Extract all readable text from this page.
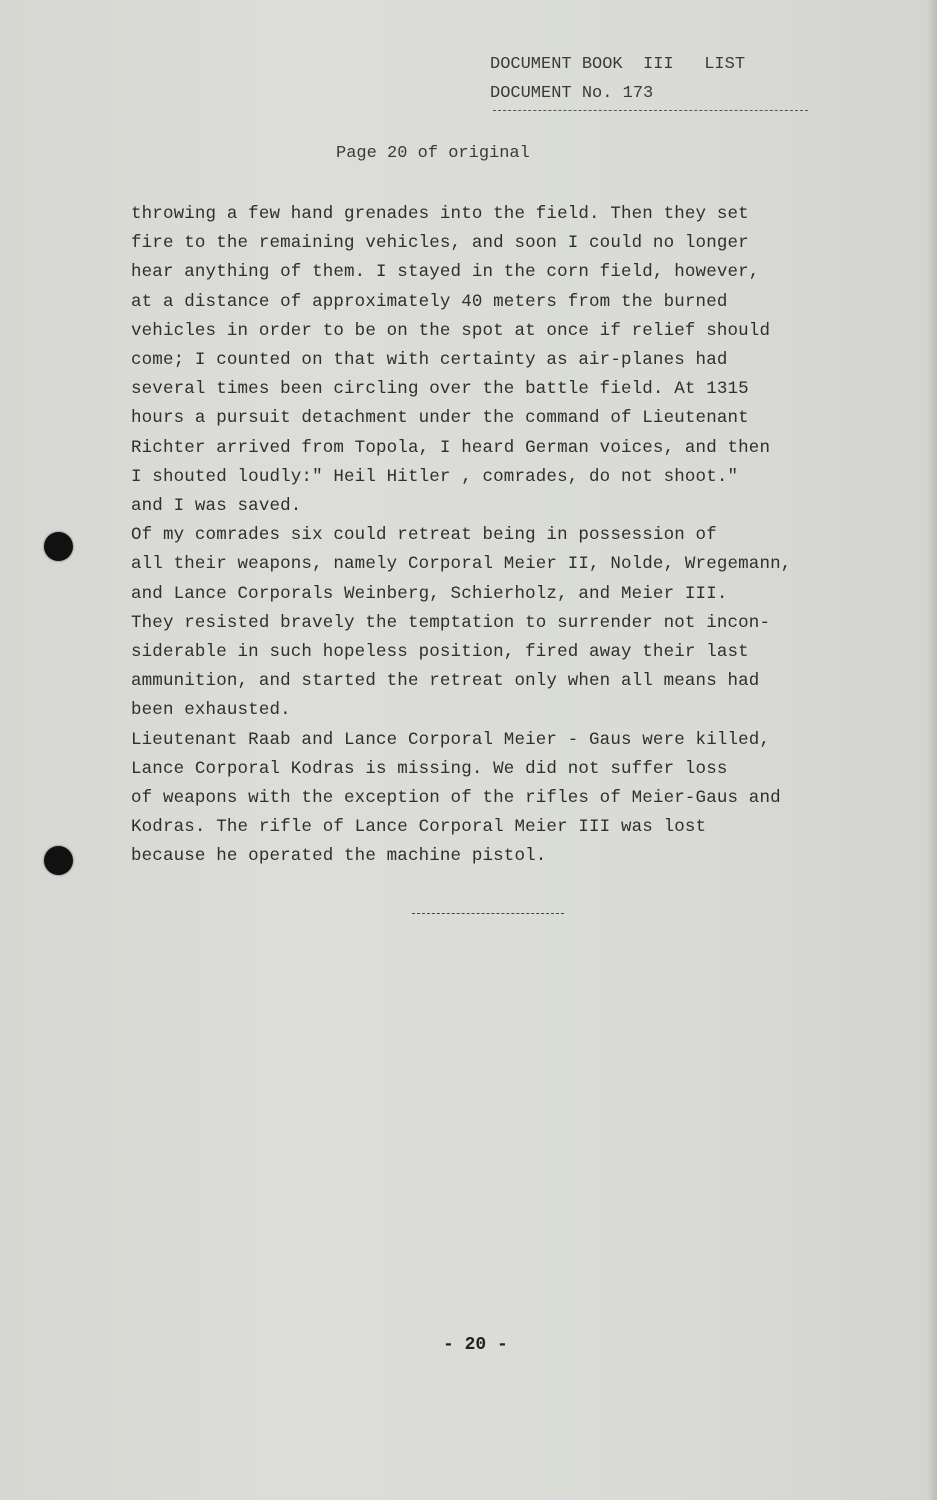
DOCUMENT BOOK  III   LIST
DOCUMENT No. 173
Page 20 of original
throwing a few hand grenades into the field. Then they set
fire to the remaining vehicles, and soon I could no longer
hear anything of them. I stayed in the corn field, however,
at a distance of approximately 40 meters from the burned
vehicles in order to be on the spot at once if relief should
come; I counted on that with certainty as air-planes had
several times been circling over the battle field. At 1315
hours a pursuit detachment under the command of Lieutenant
Richter arrived from Topola, I heard German voices, and then
I shouted loudly:" Heil Hitler , comrades, do not shoot."
and I was saved.
Of my comrades six could retreat being in possession of
all their weapons, namely Corporal Meier II, Nolde, Wregemann,
and Lance Corporals Weinberg, Schierholz, and Meier III.
They resisted bravely the temptation to surrender not incon-
siderable in such hopeless position, fired away their last
ammunition, and started the retreat only when all means had
been exhausted.
Lieutenant Raab and Lance Corporal Meier - Gaus were killed,
Lance Corporal Kodras is missing. We did not suffer loss
of weapons with the exception of the rifles of Meier-Gaus and
Kodras. The rifle of Lance Corporal Meier III was lost
because he operated the machine pistol.
- 20 -
